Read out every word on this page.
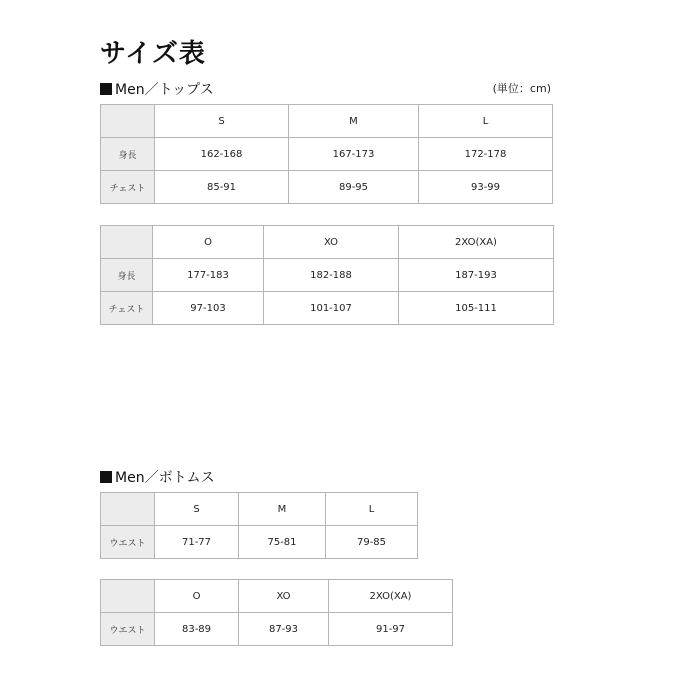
サイズ表
Men／トップス	(単位：cm)
	S	M	L
身長	162-168	167-173	172-178
チェスト	85-91	89-95	93-99
	O	XO	2XO(XA)
身長	177-183	182-188	187-193
チェスト	97-103	101-107	105-111
Men／ボトムス
	S	M	L
ウエスト	71-77	75-81	79-85
	O	XO	2XO(XA)
ウエスト	83-89	87-93	91-97
